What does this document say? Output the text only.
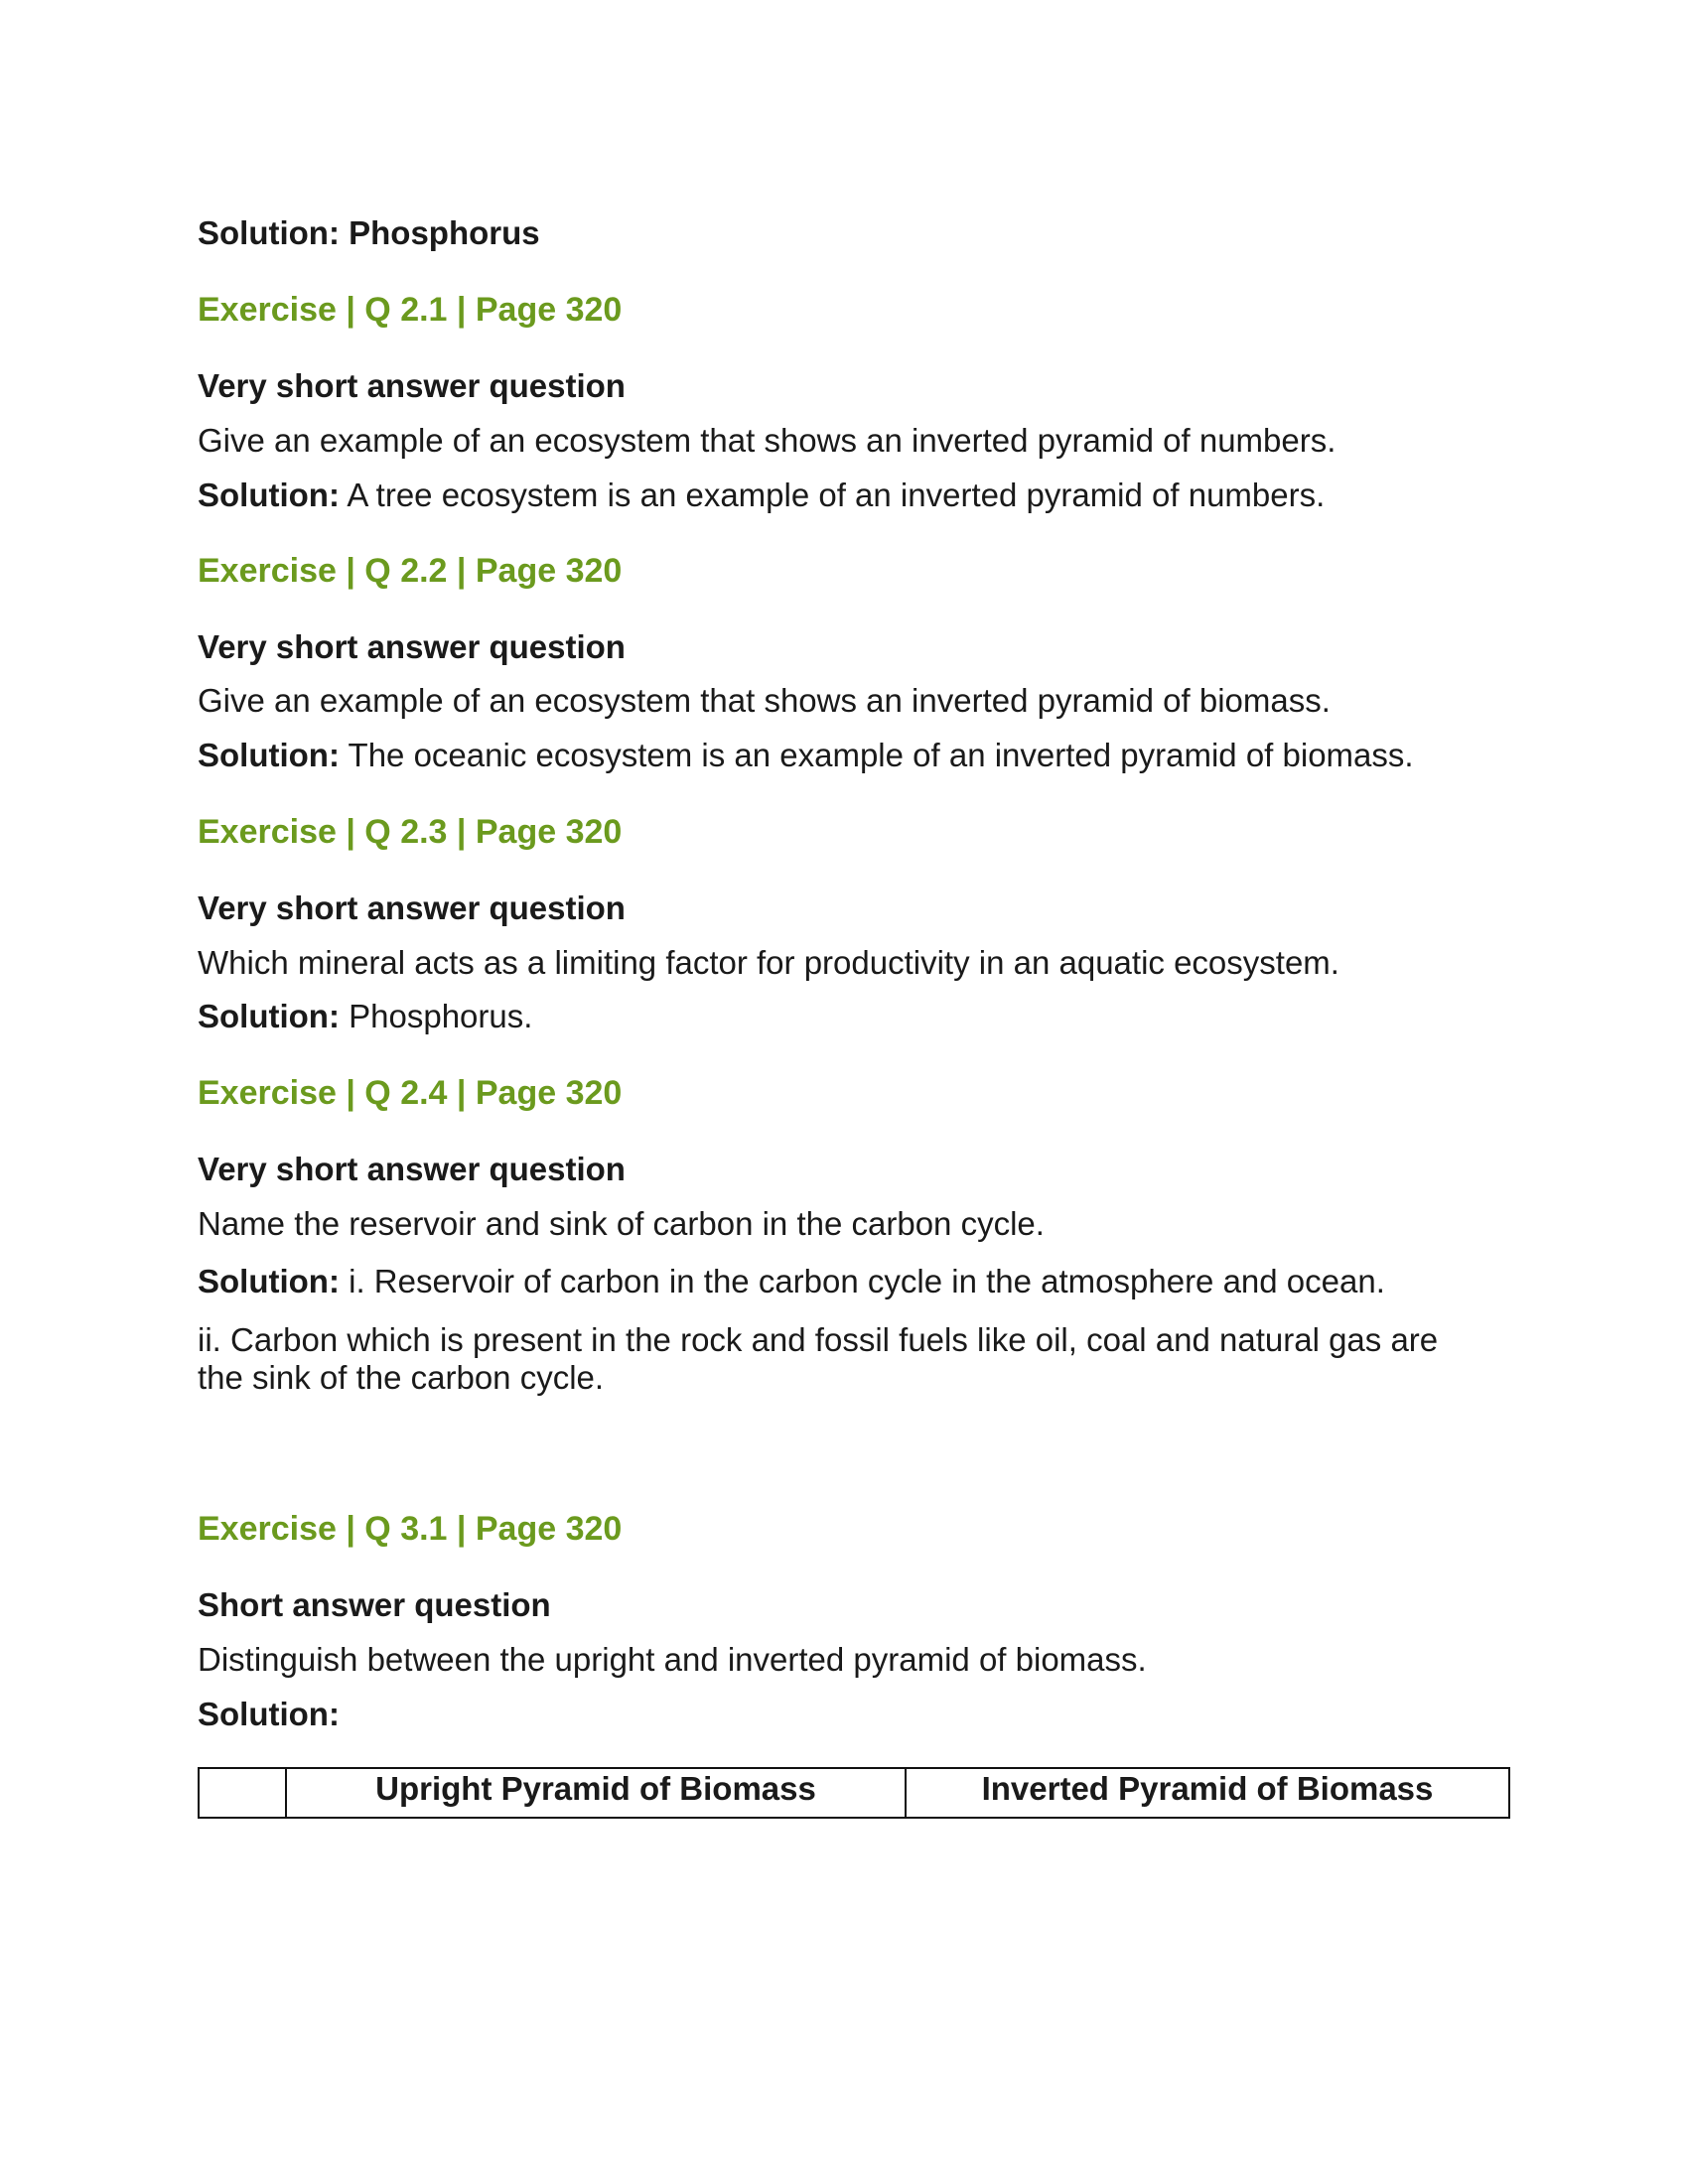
Solution: Phosphorus
Exercise | Q 2.1 | Page 320
Very short answer question
Give an example of an ecosystem that shows an inverted pyramid of numbers.
Solution: A tree ecosystem is an example of an inverted pyramid of numbers.
Exercise | Q 2.2 | Page 320
Very short answer question
Give an example of an ecosystem that shows an inverted pyramid of biomass.
Solution: The oceanic ecosystem is an example of an inverted pyramid of biomass.
Exercise | Q 2.3 | Page 320
Very short answer question
Which mineral acts as a limiting factor for productivity in an aquatic ecosystem.
Solution: Phosphorus.
Exercise | Q 2.4 | Page 320
Very short answer question
Name the reservoir and sink of carbon in the carbon cycle.
Solution: i. Reservoir of carbon in the carbon cycle in the atmosphere and ocean.
ii. Carbon which is present in the rock and fossil fuels like oil, coal and natural gas are the sink of the carbon cycle.
Exercise | Q 3.1 | Page 320
Short answer question
Distinguish between the upright and inverted pyramid of biomass.
Solution:
	Upright Pyramid of Biomass	Inverted Pyramid of Biomass
